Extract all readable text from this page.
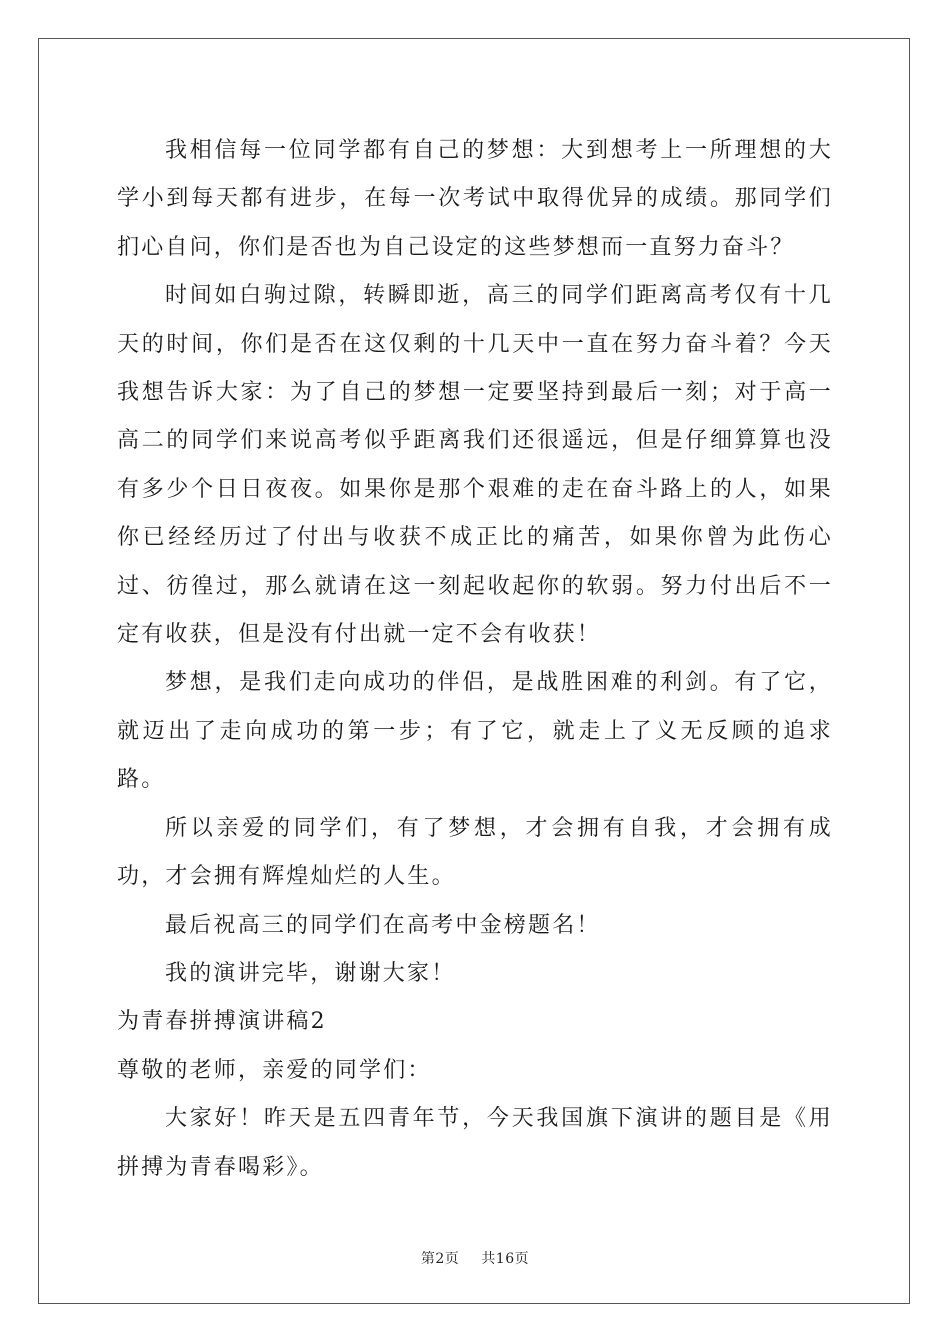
我相信每一位同学都有自己的梦想：大到想考上一所理想的大学小到每天都有进步，在每一次考试中取得优异的成绩。那同学们扪心自问，你们是否也为自己设定的这些梦想而一直努力奋斗？

时间如白驹过隙，转瞬即逝，高三的同学们距离高考仅有十几天的时间，你们是否在这仅剩的十几天中一直在努力奋斗着？今天我想告诉大家：为了自己的梦想一定要坚持到最后一刻；对于高一高二的同学们来说高考似乎距离我们还很遥远，但是仔细算算也没有多少个日日夜夜。如果你是那个艰难的走在奋斗路上的人，如果你已经经历过了付出与收获不成正比的痛苦，如果你曾为此伤心过、彷徨过，那么就请在这一刻起收起你的软弱。努力付出后不一定有收获，但是没有付出就一定不会有收获！

梦想，是我们走向成功的伴侣，是战胜困难的利剑。有了它，就迈出了走向成功的第一步；有了它，就走上了义无反顾的追求路。

所以亲爱的同学们，有了梦想，才会拥有自我，才会拥有成功，才会拥有辉煌灿烂的人生。

最后祝高三的同学们在高考中金榜题名！

我的演讲完毕，谢谢大家！

为青春拼搏演讲稿2

尊敬的老师，亲爱的同学们：

大家好！昨天是五四青年节，今天我国旗下演讲的题目是《用拼搏为青春喝彩》。

第2页 共16页
